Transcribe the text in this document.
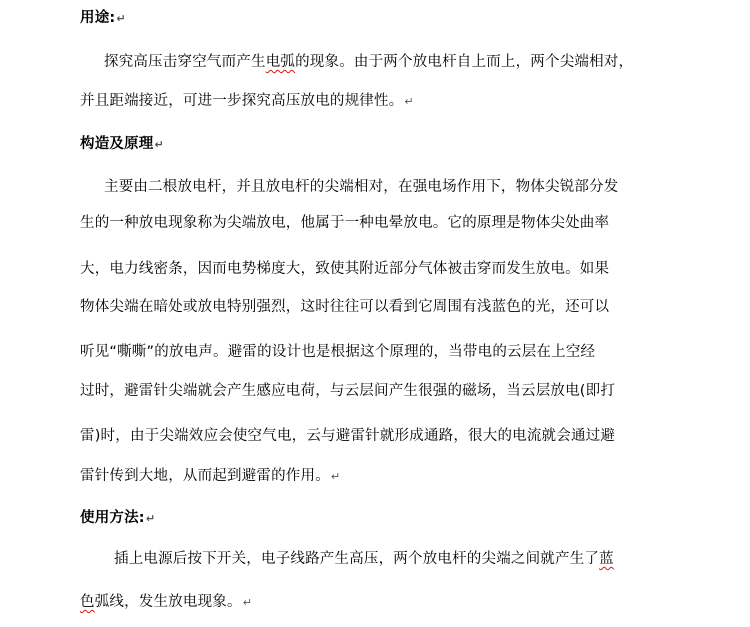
用途:↵
探究高压击穿空气而产生电弧的现象。由于两个放电杆自上而上，两个尖端相对，
并且距端接近，可进一步探究高压放电的规律性。↵
构造及原理↵
主要由二根放电杆，并且放电杆的尖端相对，在强电场作用下，物体尖锐部分发
生的一种放电现象称为尖端放电，他属于一种电晕放电。它的原理是物体尖处曲率
大，电力线密条，因而电势梯度大，致使其附近部分气体被击穿而发生放电。如果
物体尖端在暗处或放电特别强烈，这时往往可以看到它周围有浅蓝色的光，还可以
听见“嘶嘶”的放电声。避雷的设计也是根据这个原理的，当带电的云层在上空经
过时，避雷针尖端就会产生感应电荷，与云层间产生很强的磁场，当云层放电(即打
雷)时，由于尖端效应会使空气电，云与避雷针就形成通路，很大的电流就会通过避
雷针传到大地，从而起到避雷的作用。↵
使用方法:↵
插上电源后按下开关，电子线路产生高压，两个放电杆的尖端之间就产生了蓝
色弧线，发生放电现象。↵
